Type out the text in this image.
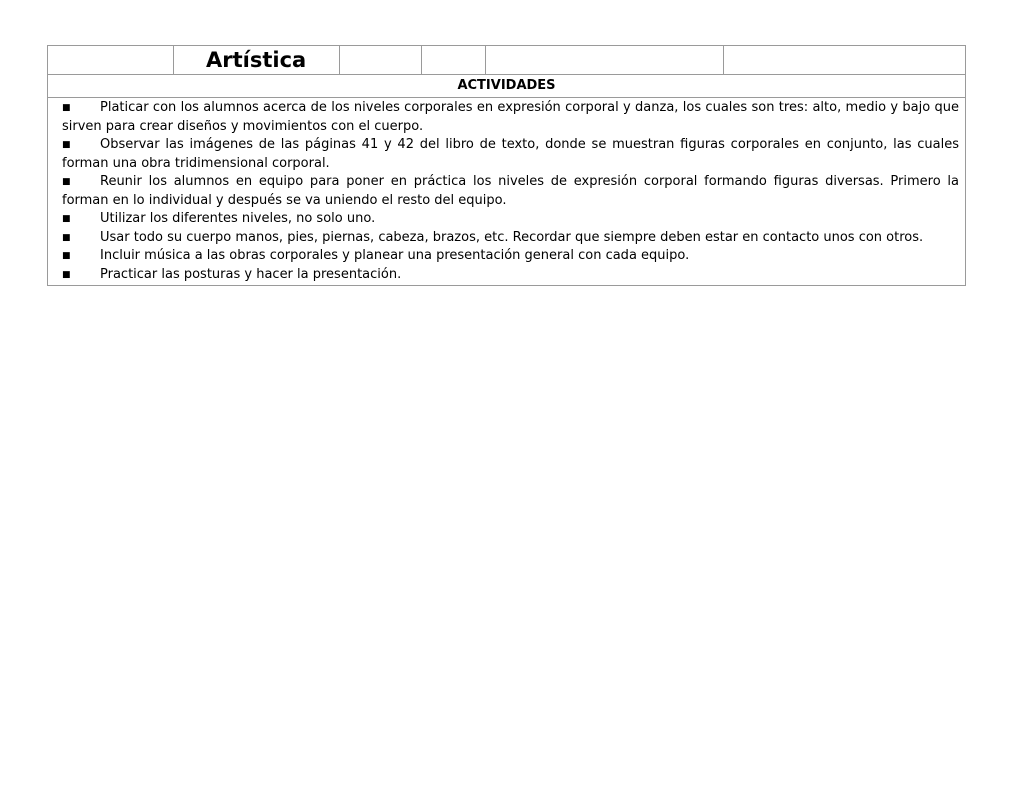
	Artística				
ACTIVIDADES

■ Platicar con los alumnos acerca de los niveles corporales en expresión corporal y danza, los cuales son tres: alto, medio y bajo que sirven para crear diseños y movimientos con el cuerpo.
■ Observar las imágenes de las páginas 41 y 42 del libro de texto, donde se muestran figuras corporales en conjunto, las cuales forman una obra tridimensional corporal.
■ Reunir los alumnos en equipo para poner en práctica los niveles de expresión corporal formando figuras diversas. Primero la forman en lo individual y después se va uniendo el resto del equipo.
■ Utilizar los diferentes niveles, no solo uno.
■ Usar todo su cuerpo manos, pies, piernas, cabeza, brazos, etc. Recordar que siempre deben estar en contacto unos con otros.
■ Incluir música a las obras corporales y planear una presentación general con cada equipo.
■ Practicar las posturas y hacer la presentación.
